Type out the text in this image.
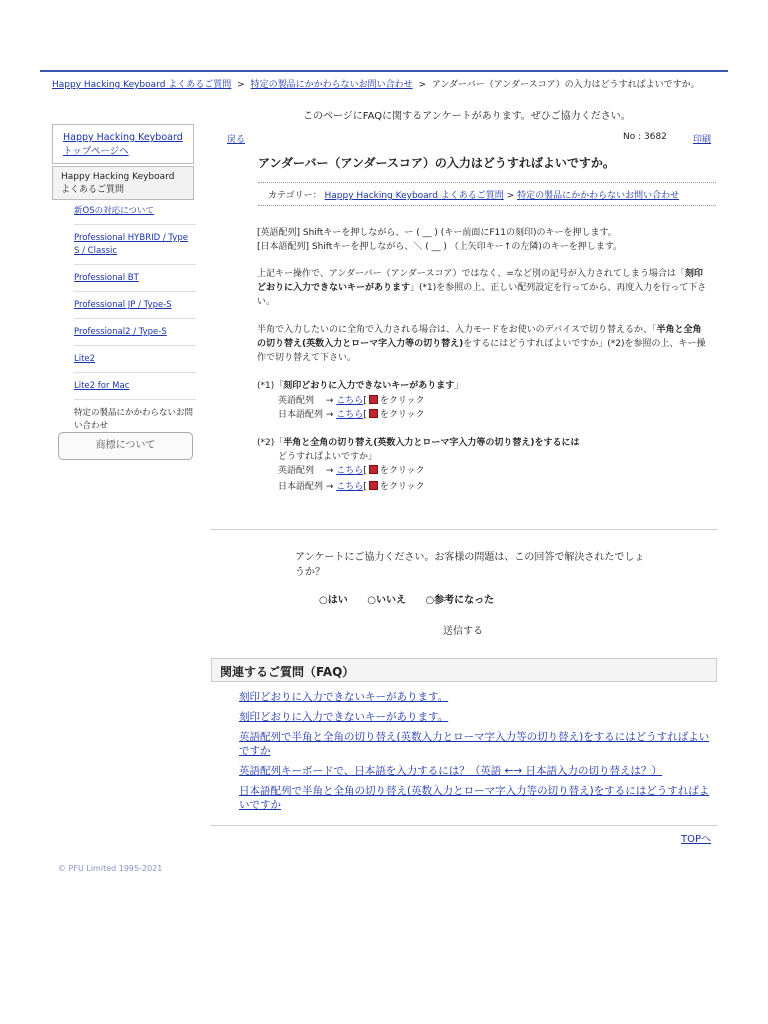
Happy Hacking Keyboard よくあるご質問 > 特定の製品にかかわらないお問い合わせ > アンダーバー（アンダースコア）の入力はどうすればよいですか。
このページにFAQに関するアンケートがあります。ぜひご協力ください。
Happy Hacking Keyboard トップページへ
Happy Hacking Keyboard よくあるご質問
新OSの対応について
Professional HYBRID / Type S / Classic
Professional BT
Professional JP / Type-S
Professional2 / Type-S
Lite2
Lite2 for Mac
特定の製品にかかわらないお問い合わせ
商標について
© PFU Limited 1995-2021
戻る	No : 3682	印刷
アンダーバー（アンダースコア）の入力はどうすればよいですか。
カテゴリー： Happy Hacking Keyboard よくあるご質問 > 特定の製品にかかわらないお問い合わせ
[英語配列] Shiftキーを押しながら、ー ( __ ) (キー前面にF11の刻印)のキーを押します。
[日本語配列] Shiftキーを押しながら、＼ ( __ ) （上矢印キー↑の左隣)のキーを押します。
上記キー操作で、アンダーバー（アンダースコア）ではなく、=など別の記号が入力されてしまう場合は「刻印どおりに入力できないキーがあります」(*1)を参照の上、正しい配列設定を行ってから、再度入力を行って下さい。
半角で入力したいのに全角で入力される場合は、入力モードをお使いのデバイスで切り替えるか、「半角と全角の切り替え(英数入力とローマ字入力等の切り替え)をするにはどうすればよいですか」(*2)を参照の上、キー操作で切り替えて下さい。
(*1)「刻印どおりに入力できないキーがあります」
英語配列　 → こちら[ をクリック
日本語配列 → こちら[ をクリック
(*2)「半角と全角の切り替え(英数入力とローマ字入力等の切り替え)をするには
どうすればよいですか」
英語配列　 → こちら[ をクリック
日本語配列 → こちら[ をクリック
アンケートにご協力ください。お客様の問題は、この回答で解決されたでしょうか？
○はい ○いいえ ○参考になった
送信する
関連するご質問（FAQ）
刻印どおりに入力できないキーがあります。
刻印どおりに入力できないキーがあります。
英語配列で半角と全角の切り替え(英数入力とローマ字入力等の切り替え)をするにはどうすればよいですか
英語配列キーボードで、日本語を入力するには？（英語 ←→ 日本語入力の切り替えは？）
日本語配列で半角と全角の切り替え(英数入力とローマ字入力等の切り替え)をするにはどうすればよいですか
TOPへ
